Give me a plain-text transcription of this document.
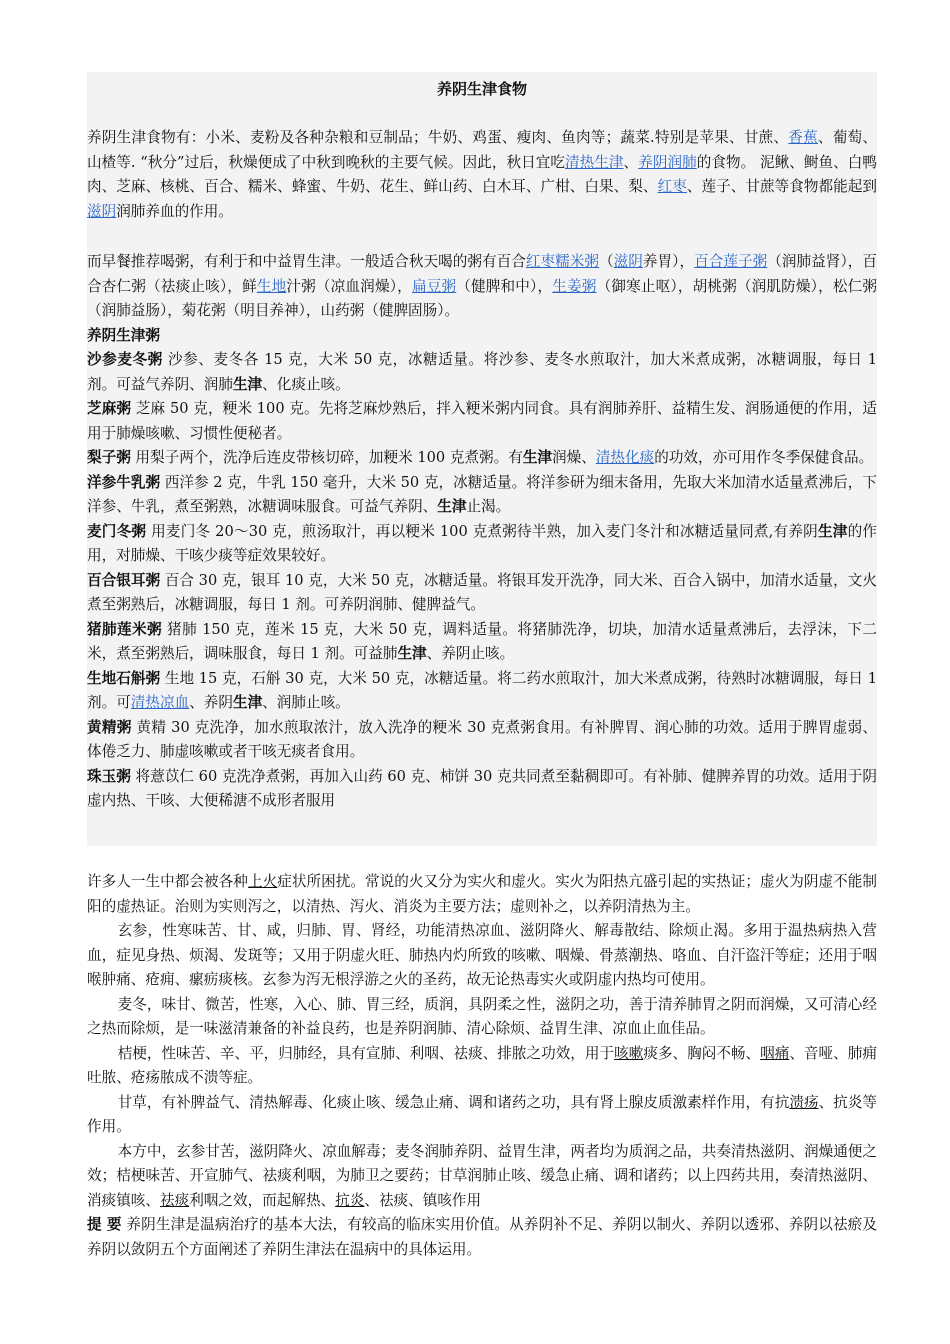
养阴生津食物

养阴生津食物有：小米、麦粉及各种杂粮和豆制品；牛奶、鸡蛋、瘦肉、鱼肉等；蔬菜.特别是苹果、甘蔗、香蕉、葡萄、山楂等. “秋分”过后，秋燥便成了中秋到晚秋的主要气候。因此，秋日宜吃清热生津、养阴润肺的食物。 泥鳅、鲥鱼、白鸭肉、芝麻、核桃、百合、糯米、蜂蜜、牛奶、花生、鲜山药、白木耳、广柑、白果、梨、红枣、莲子、甘蔗等食物都能起到滋阴润肺养血的作用。

而早餐推荐喝粥，有利于和中益胃生津。一般适合秋天喝的粥有百合红枣糯米粥（滋阴养胃），百合莲子粥（润肺益肾），百合杏仁粥（祛痰止咳），鲜生地汁粥（凉血润燥），扁豆粥（健脾和中），生姜粥（御寒止呕），胡桃粥（润肌防燥），松仁粥（润肺益肠），菊花粥（明目养神），山药粥（健脾固肠）。

养阴生津粥

沙参麦冬粥 沙参、麦冬各 15 克，大米 50 克，冰糖适量。将沙参、麦冬水煎取汁，加大米煮成粥，冰糖调服，每日 1 剂。可益气养阴、润肺生津、化痰止咳。

芝麻粥 芝麻 50 克，粳米 100 克。先将芝麻炒熟后，拌入粳米粥内同食。具有润肺养肝、益精生发、润肠通便的作用，适用于肺燥咳嗽、习惯性便秘者。

梨子粥 用梨子两个，洗净后连皮带核切碎，加粳米 100 克煮粥。有生津润燥、清热化痰的功效，亦可用作冬季保健食品。

洋参牛乳粥 西洋参 2 克，牛乳 150 毫升，大米 50 克，冰糖适量。将洋参研为细末备用，先取大米加清水适量煮沸后，下洋参、牛乳，煮至粥熟，冰糖调味服食。可益气养阴、生津止渴。

麦门冬粥 用麦门冬 20～30 克，煎汤取汁，再以粳米 100 克煮粥待半熟，加入麦门冬汁和冰糖适量同煮,有养阴生津的作用，对肺燥、干咳少痰等症效果较好。

百合银耳粥 百合 30 克，银耳 10 克，大米 50 克，冰糖适量。将银耳发开洗净，同大米、百合入锅中，加清水适量，文火煮至粥熟后，冰糖调服，每日 1 剂。可养阴润肺、健脾益气。

猪肺莲米粥 猪肺 150 克，莲米 15 克，大米 50 克，调料适量。将猪肺洗净，切块，加清水适量煮沸后，去浮沫，下二米，煮至粥熟后，调味服食，每日 1 剂。可益肺生津、养阴止咳。

生地石斛粥 生地 15 克，石斛 30 克，大米 50 克，冰糖适量。将二药水煎取汁，加大米煮成粥，待熟时冰糖调服，每日 1 剂。可清热凉血、养阴生津、润肺止咳。

黄精粥 黄精 30 克洗净，加水煎取浓汁，放入洗净的粳米 30 克煮粥食用。有补脾胃、润心肺的功效。适用于脾胃虚弱、体倦乏力、肺虚咳嗽或者干咳无痰者食用。

珠玉粥 将薏苡仁 60 克洗净煮粥，再加入山药 60 克、柿饼 30 克共同煮至黏稠即可。有补肺、健脾养胃的功效。适用于阴虚内热、干咳、大便稀溏不成形者服用

许多人一生中都会被各种上火症状所困扰。常说的火又分为实火和虚火。实火为阳热亢盛引起的实热证；虚火为阴虚不能制阳的虚热证。治则为实则泻之，以清热、泻火、消炎为主要方法；虚则补之，以养阴清热为主。

玄参，性寒味苦、甘、咸，归肺、胃、肾经，功能清热凉血、滋阴降火、解毒散结、除烦止渴。多用于温热病热入营血，症见身热、烦渴、发斑等；又用于阴虚火旺、肺热内灼所致的咳嗽、咽燥、骨蒸潮热、咯血、自汗盗汗等症；还用于咽喉肿痛、疮痈、瘰疬痰核。玄参为泻无根浮游之火的圣药，故无论热毒实火或阴虚内热均可使用。

麦冬，味甘、微苦，性寒，入心、肺、胃三经，质润，具阴柔之性，滋阴之功，善于清养肺胃之阴而润燥，又可清心经之热而除烦，是一味滋清兼备的补益良药，也是养阴润肺、清心除烦、益胃生津、凉血止血佳品。

桔梗，性味苦、辛、平，归肺经，具有宣肺、利咽、祛痰、排脓之功效，用于咳嗽痰多、胸闷不畅、咽痛、音哑、肺痈吐脓、疮疡脓成不溃等症。

甘草，有补脾益气、清热解毒、化痰止咳、缓急止痛、调和诸药之功，具有肾上腺皮质激素样作用，有抗溃疡、抗炎等作用。

本方中，玄参甘苦，滋阴降火、凉血解毒；麦冬润肺养阴、益胃生津，两者均为质润之品，共奏清热滋阴、润燥通便之效；桔梗味苦、开宣肺气、祛痰利咽，为肺卫之要药；甘草润肺止咳、缓急止痛、调和诸药；以上四药共用，奏清热滋阴、消痰镇咳、祛痰利咽之效，而起解热、抗炎、祛痰、镇咳作用

提 要 养阴生津是温病治疗的基本大法，有较高的临床实用价值。从养阴补不足、养阴以制火、养阴以透邪、养阴以祛瘀及养阴以敛阴五个方面阐述了养阴生津法在温病中的具体运用。
